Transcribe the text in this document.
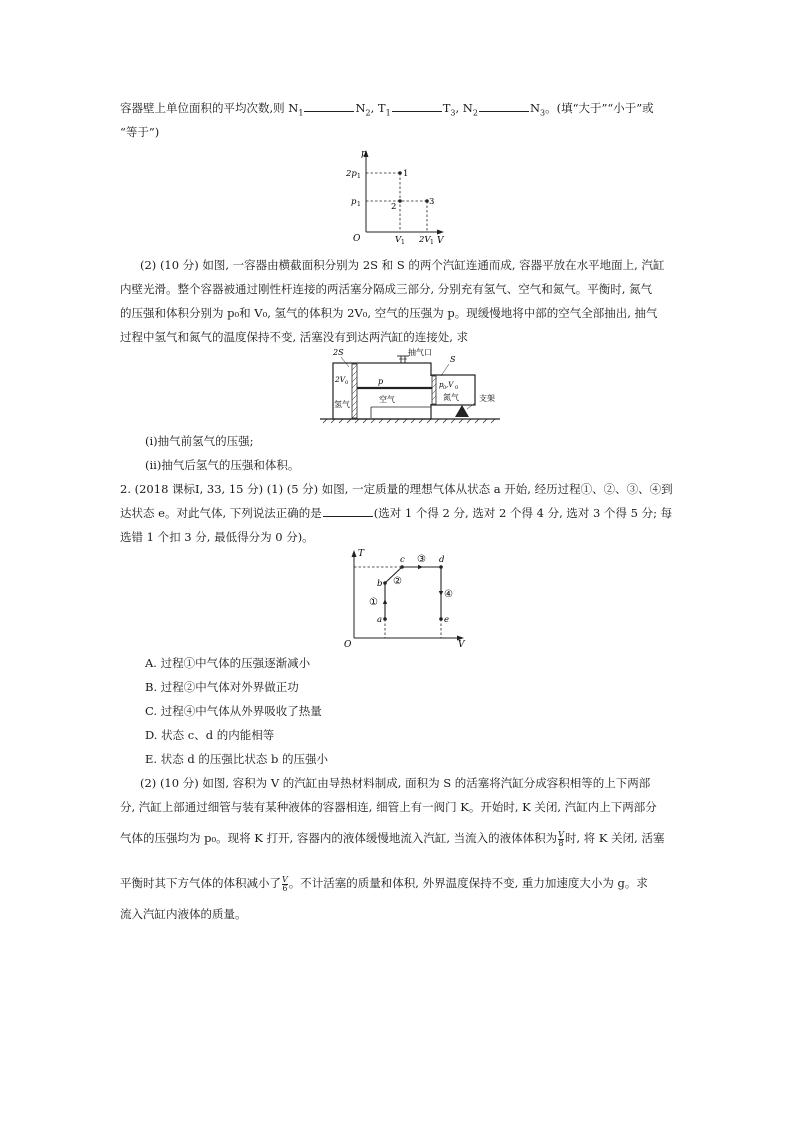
容器壁上单位面积的平均次数,则 $N_1$	$N_2$, $T_1$	$T_3$, $N_2$	$N_3$。(填“大于”“小于”或
“等于”)
p
V
O
1
2	3
2p 1
p 1
V 1 2V 1
(2) (10 分) 如图, 一容器由横截面积分别为 2S 和 S 的两个汽缸连通而成, 容器平放在水平地面上, 汽缸
内壁光滑。整个容器被通过刚性杆连接的两活塞分隔成三部分, 分别充有氢气、空气和氮气。平衡时, 氮气
的压强和体积分别为 p₀和 V₀, 氢气的体积为 2V₀, 空气的压强为 p。现缓慢地将中部的空气全部抽出, 抽气
过程中氢气和氮气的温度保持不变, 活塞没有到达两汽缸的连接处, 求
2S
2V 0
氢气
抽气口
S
p
空气
p 0 ,V 0
氮气	支架
(ⅰ)抽气前氢气的压强;
(ⅱ)抽气后氢气的压强和体积。
2. (2018 课标Ⅰ, 33, 15 分) (1) (5 分) 如图, 一定质量的理想气体从状态 a 开始, 经历过程①、②、③、④到
达状态 e。对此气体, 下列说法正确的是	(选对 1 个得 2 分, 选对 2 个得 4 分, 选对 3 个得 5 分; 每
选错 1 个扣 3 分, 最低得分为 0 分)。
T
V
O
a
b
c	d
e
①
②
③
④
A. 过程①中气体的压强逐渐减小
B. 过程②中气体对外界做正功
C. 过程④中气体从外界吸收了热量
D. 状态 c、d 的内能相等
E. 状态 d 的压强比状态 b 的压强小
(2) (10 分) 如图, 容积为 V 的汽缸由导热材料制成, 面积为 S 的活塞将汽缸分成容积相等的上下两部
分, 汽缸上部通过细管与装有某种液体的容器相连, 细管上有一阀门 K。开始时, K 关闭, 汽缸内上下两部分
气体的压强均为 p₀。现将 K 打开, 容器内的液体缓慢地流入汽缸, 当流入的液体体积为 $\frac{V}{8}$ 时, 将 K 关闭, 活塞
平衡时其下方气体的体积减小了 $\frac{V}{6}$ 。不计活塞的质量和体积, 外界温度保持不变, 重力加速度大小为 g。求
流入汽缸内液体的质量。
